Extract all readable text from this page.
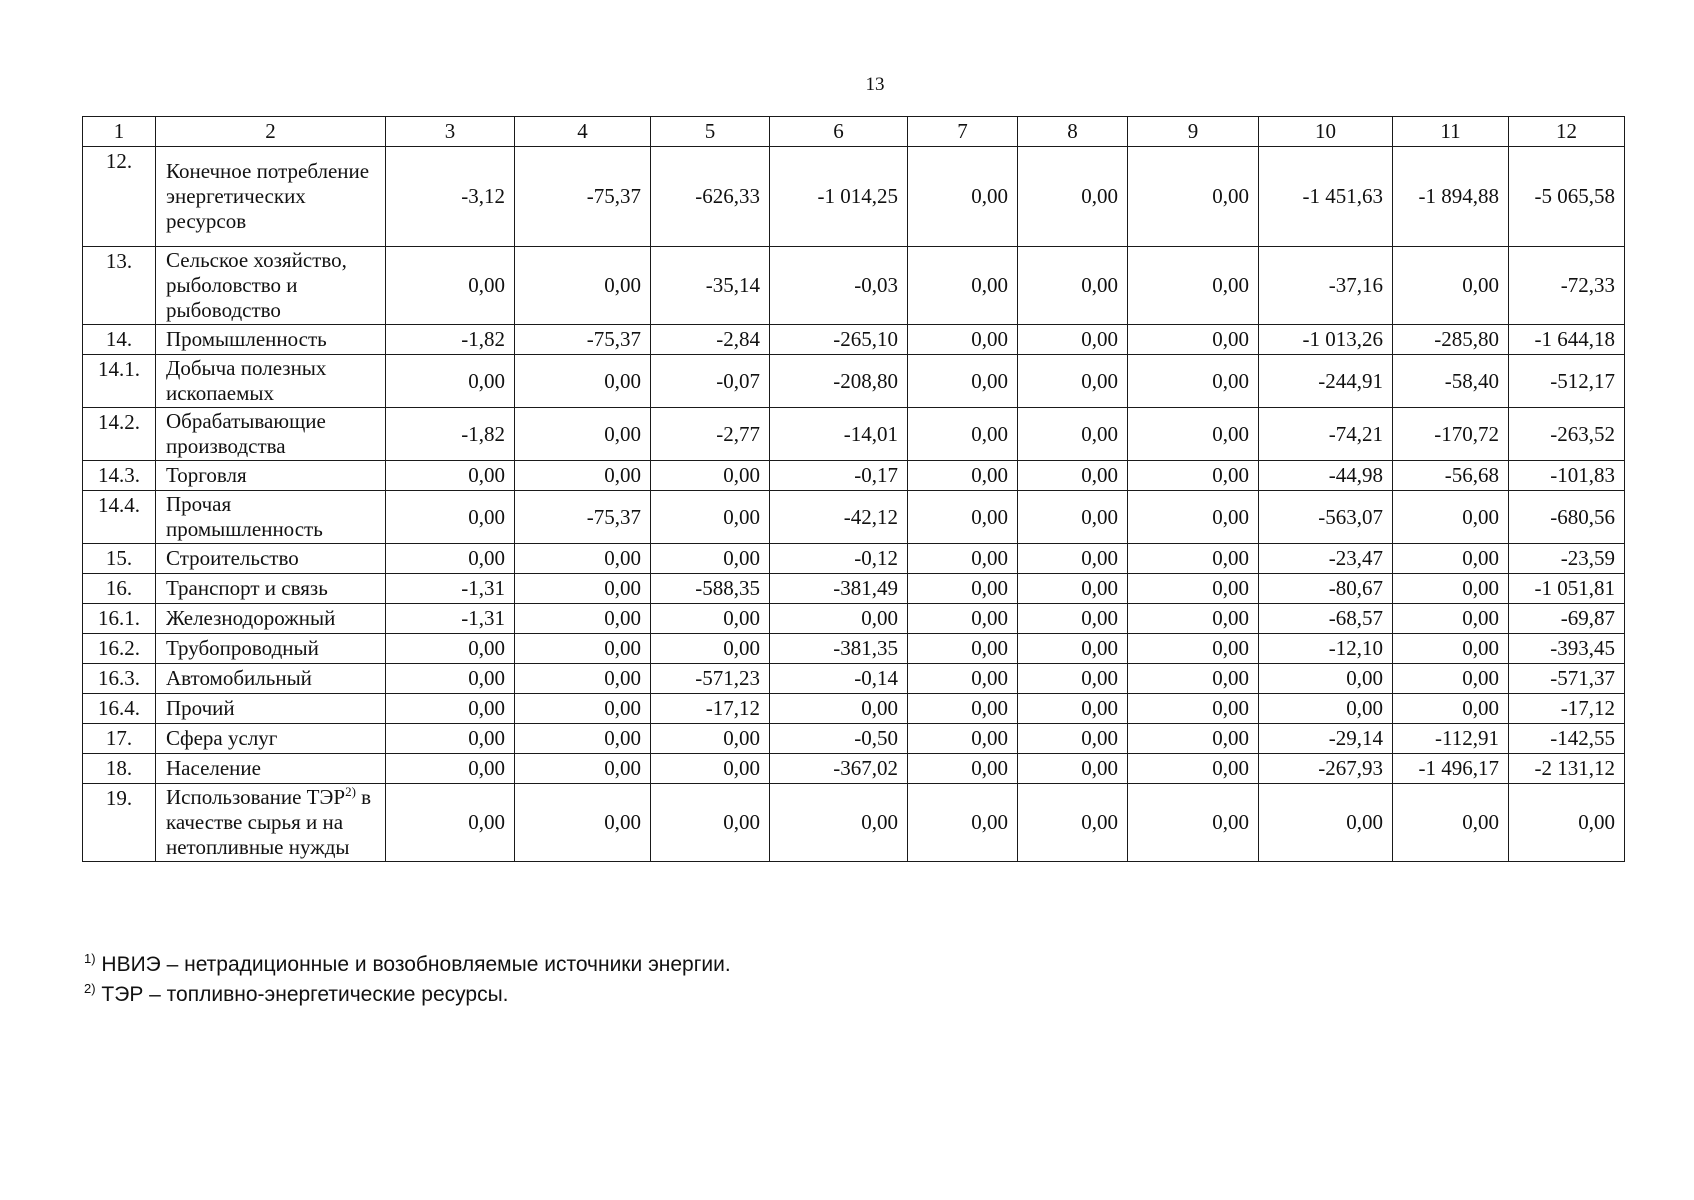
13
1	2	3	4	5	6	7	8	9	10	11	12
12.	Конечное потребление энергетических ресурсов	-3,12	-75,37	-626,33	-1 014,25	0,00	0,00	0,00	-1 451,63	-1 894,88	-5 065,58
13.	Сельское хозяйство, рыболовство и рыбоводство	0,00	0,00	-35,14	-0,03	0,00	0,00	0,00	-37,16	0,00	-72,33
14.	Промышленность	-1,82	-75,37	-2,84	-265,10	0,00	0,00	0,00	-1 013,26	-285,80	-1 644,18
14.1.	Добыча полезных ископаемых	0,00	0,00	-0,07	-208,80	0,00	0,00	0,00	-244,91	-58,40	-512,17
14.2.	Обрабатывающие производства	-1,82	0,00	-2,77	-14,01	0,00	0,00	0,00	-74,21	-170,72	-263,52
14.3.	Торговля	0,00	0,00	0,00	-0,17	0,00	0,00	0,00	-44,98	-56,68	-101,83
14.4.	Прочая промышленность	0,00	-75,37	0,00	-42,12	0,00	0,00	0,00	-563,07	0,00	-680,56
15.	Строительство	0,00	0,00	0,00	-0,12	0,00	0,00	0,00	-23,47	0,00	-23,59
16.	Транспорт и связь	-1,31	0,00	-588,35	-381,49	0,00	0,00	0,00	-80,67	0,00	-1 051,81
16.1.	Железнодорожный	-1,31	0,00	0,00	0,00	0,00	0,00	0,00	-68,57	0,00	-69,87
16.2.	Трубопроводный	0,00	0,00	0,00	-381,35	0,00	0,00	0,00	-12,10	0,00	-393,45
16.3.	Автомобильный	0,00	0,00	-571,23	-0,14	0,00	0,00	0,00	0,00	0,00	-571,37
16.4.	Прочий	0,00	0,00	-17,12	0,00	0,00	0,00	0,00	0,00	0,00	-17,12
17.	Сфера услуг	0,00	0,00	0,00	-0,50	0,00	0,00	0,00	-29,14	-112,91	-142,55
18.	Население	0,00	0,00	0,00	-367,02	0,00	0,00	0,00	-267,93	-1 496,17	-2 131,12
19.	Использование ТЭР$^{2)}$ в качестве сырья и на нетопливные нужды	0,00	0,00	0,00	0,00	0,00	0,00	0,00	0,00	0,00	0,00
$^{1)}$ НВИЭ – нетрадиционные и возобновляемые источники энергии.
$^{2)}$ ТЭР – топливно-энергетические ресурсы.
